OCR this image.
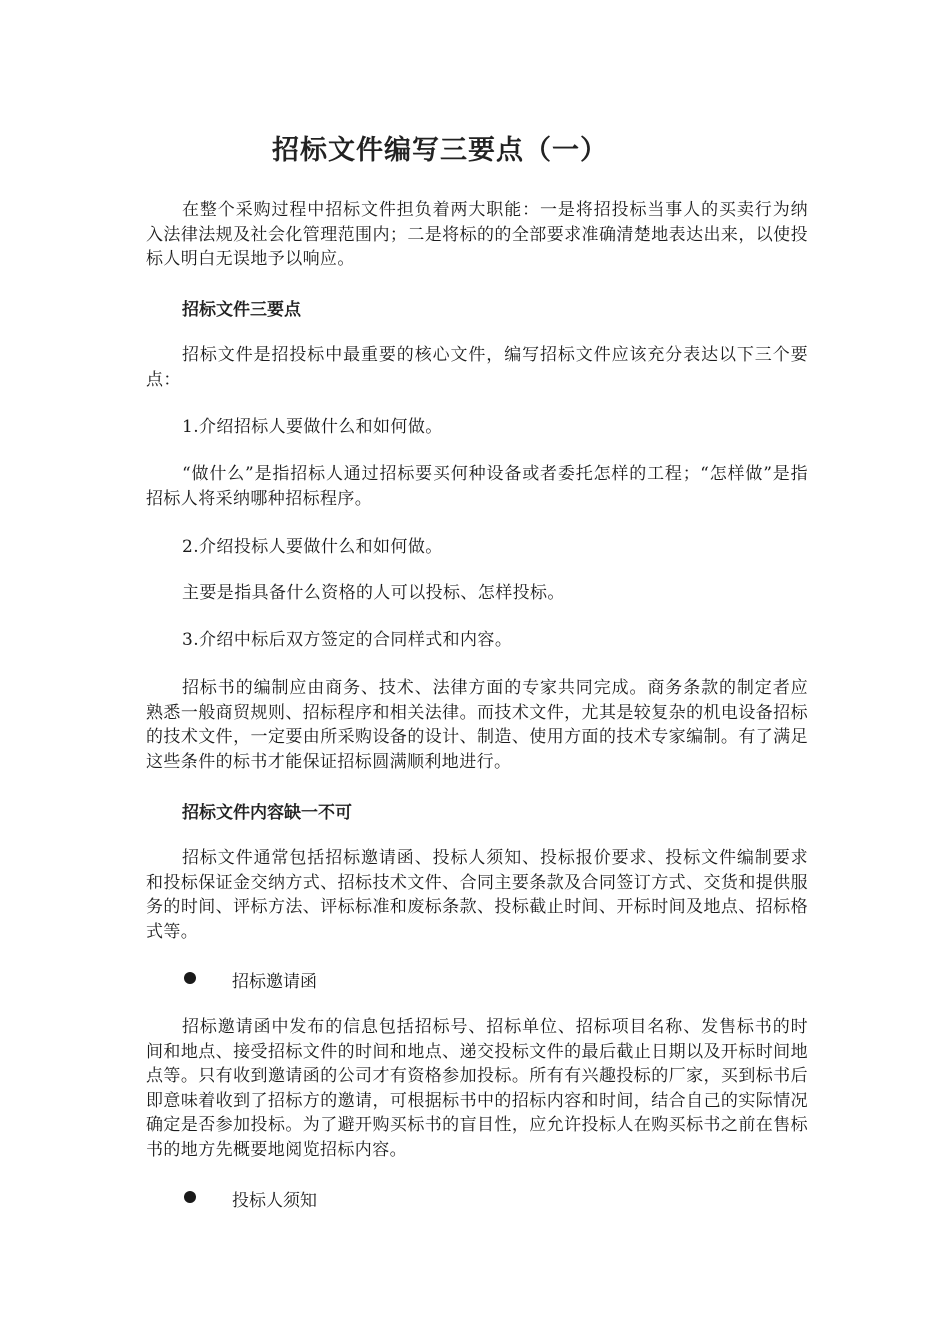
招标文件编写三要点（一）
在整个采购过程中招标文件担负着两大职能：一是将招投标当事人的买卖行为纳入法律法规及社会化管理范围内；二是将标的的全部要求准确清楚地表达出来，以使投标人明白无误地予以响应。
招标文件三要点
招标文件是招投标中最重要的核心文件，编写招标文件应该充分表达以下三个要点：
1.介绍招标人要做什么和如何做。
“做什么”是指招标人通过招标要买何种设备或者委托怎样的工程；“怎样做”是指招标人将采纳哪种招标程序。
2.介绍投标人要做什么和如何做。
主要是指具备什么资格的人可以投标、怎样投标。
3.介绍中标后双方签定的合同样式和内容。
招标书的编制应由商务、技术、法律方面的专家共同完成。商务条款的制定者应熟悉一般商贸规则、招标程序和相关法律。而技术文件，尤其是较复杂的机电设备招标的技术文件，一定要由所采购设备的设计、制造、使用方面的技术专家编制。有了满足这些条件的标书才能保证招标圆满顺利地进行。
招标文件内容缺一不可
招标文件通常包括招标邀请函、投标人须知、投标报价要求、投标文件编制要求和投标保证金交纳方式、招标技术文件、合同主要条款及合同签订方式、交货和提供服务的时间、评标方法、评标标准和废标条款、投标截止时间、开标时间及地点、招标格式等。
招标邀请函
招标邀请函中发布的信息包括招标号、招标单位、招标项目名称、发售标书的时间和地点、接受招标文件的时间和地点、递交投标文件的最后截止日期以及开标时间地点等。只有收到邀请函的公司才有资格参加投标。所有有兴趣投标的厂家，买到标书后即意味着收到了招标方的邀请，可根据标书中的招标内容和时间，结合自己的实际情况确定是否参加投标。为了避开购买标书的盲目性，应允许投标人在购买标书之前在售标书的地方先概要地阅览招标内容。
投标人须知
